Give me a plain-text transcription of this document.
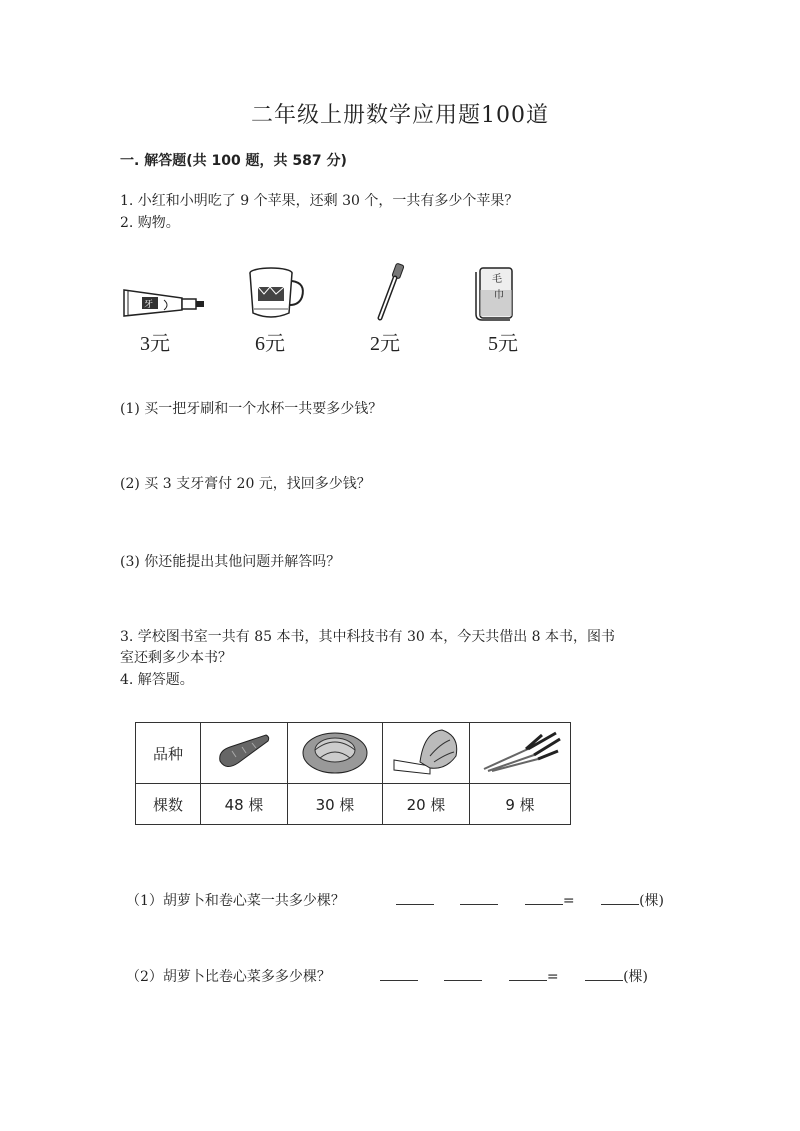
二年级上册数学应用题100道
一. 解答题(共 100 题，共 587 分)
1. 小红和小明吃了 9 个苹果，还剩 30 个，一共有多少个苹果？
2. 购物。
牙
3元	6元	2元
毛
巾
5元
(1) 买一把牙刷和一个水杯一共要多少钱？
(2) 买 3 支牙膏付 20 元，找回多少钱？
(3) 你还能提出其他问题并解答吗？
3. 学校图书室一共有 85 本书，其中科技书有 30 本，今天共借出 8 本书，图书
室还剩多少本书？
4. 解答题。
品种				
棵数	48 棵	30 棵	20 棵	9 棵
（1）胡萝卜和卷心菜一共多少棵？	=	(棵)
（2）胡萝卜比卷心菜多多少棵？	=	(棵)
